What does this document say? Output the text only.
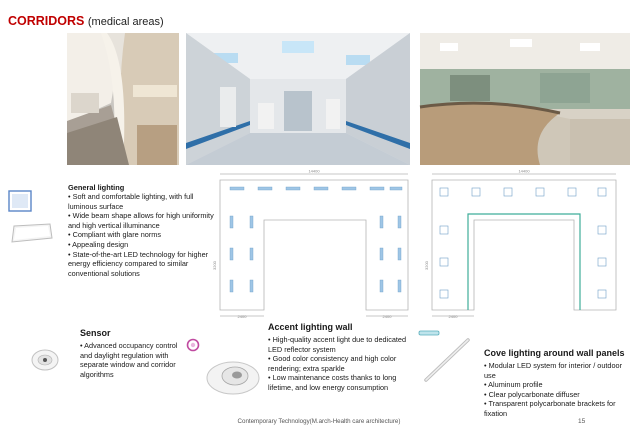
CORRIDORS (medical areas)
General lighting
• Soft and comfortable lighting, with full luminous surface
• Wide beam shape allows for high uniformity and high vertical illuminance
• Compliant with glare norms
• Appealing design
• State-of-the-art LED technology for higher energy efficiency compared to similar conventional solutions
14400
2400	2400
3200
14400
2400
3200
Sensor
• Advanced occupancy control and daylight regulation with separate window and corridor algorithms
Accent lighting wall
• High-quality accent light due to dedicated LED reflector system
• Good color consistency and high color rendering; extra sparkle
• Low maintenance costs thanks to long lifetime, and low energy consumption
Cove lighting around wall panels
• Modular LED system for interior / outdoor use
• Aluminum profile
• Clear polycarbonate diffuser
• Transparent polycarbonate brackets for fixation
Contemporary Technology(M.arch-Health care architecture)	15
